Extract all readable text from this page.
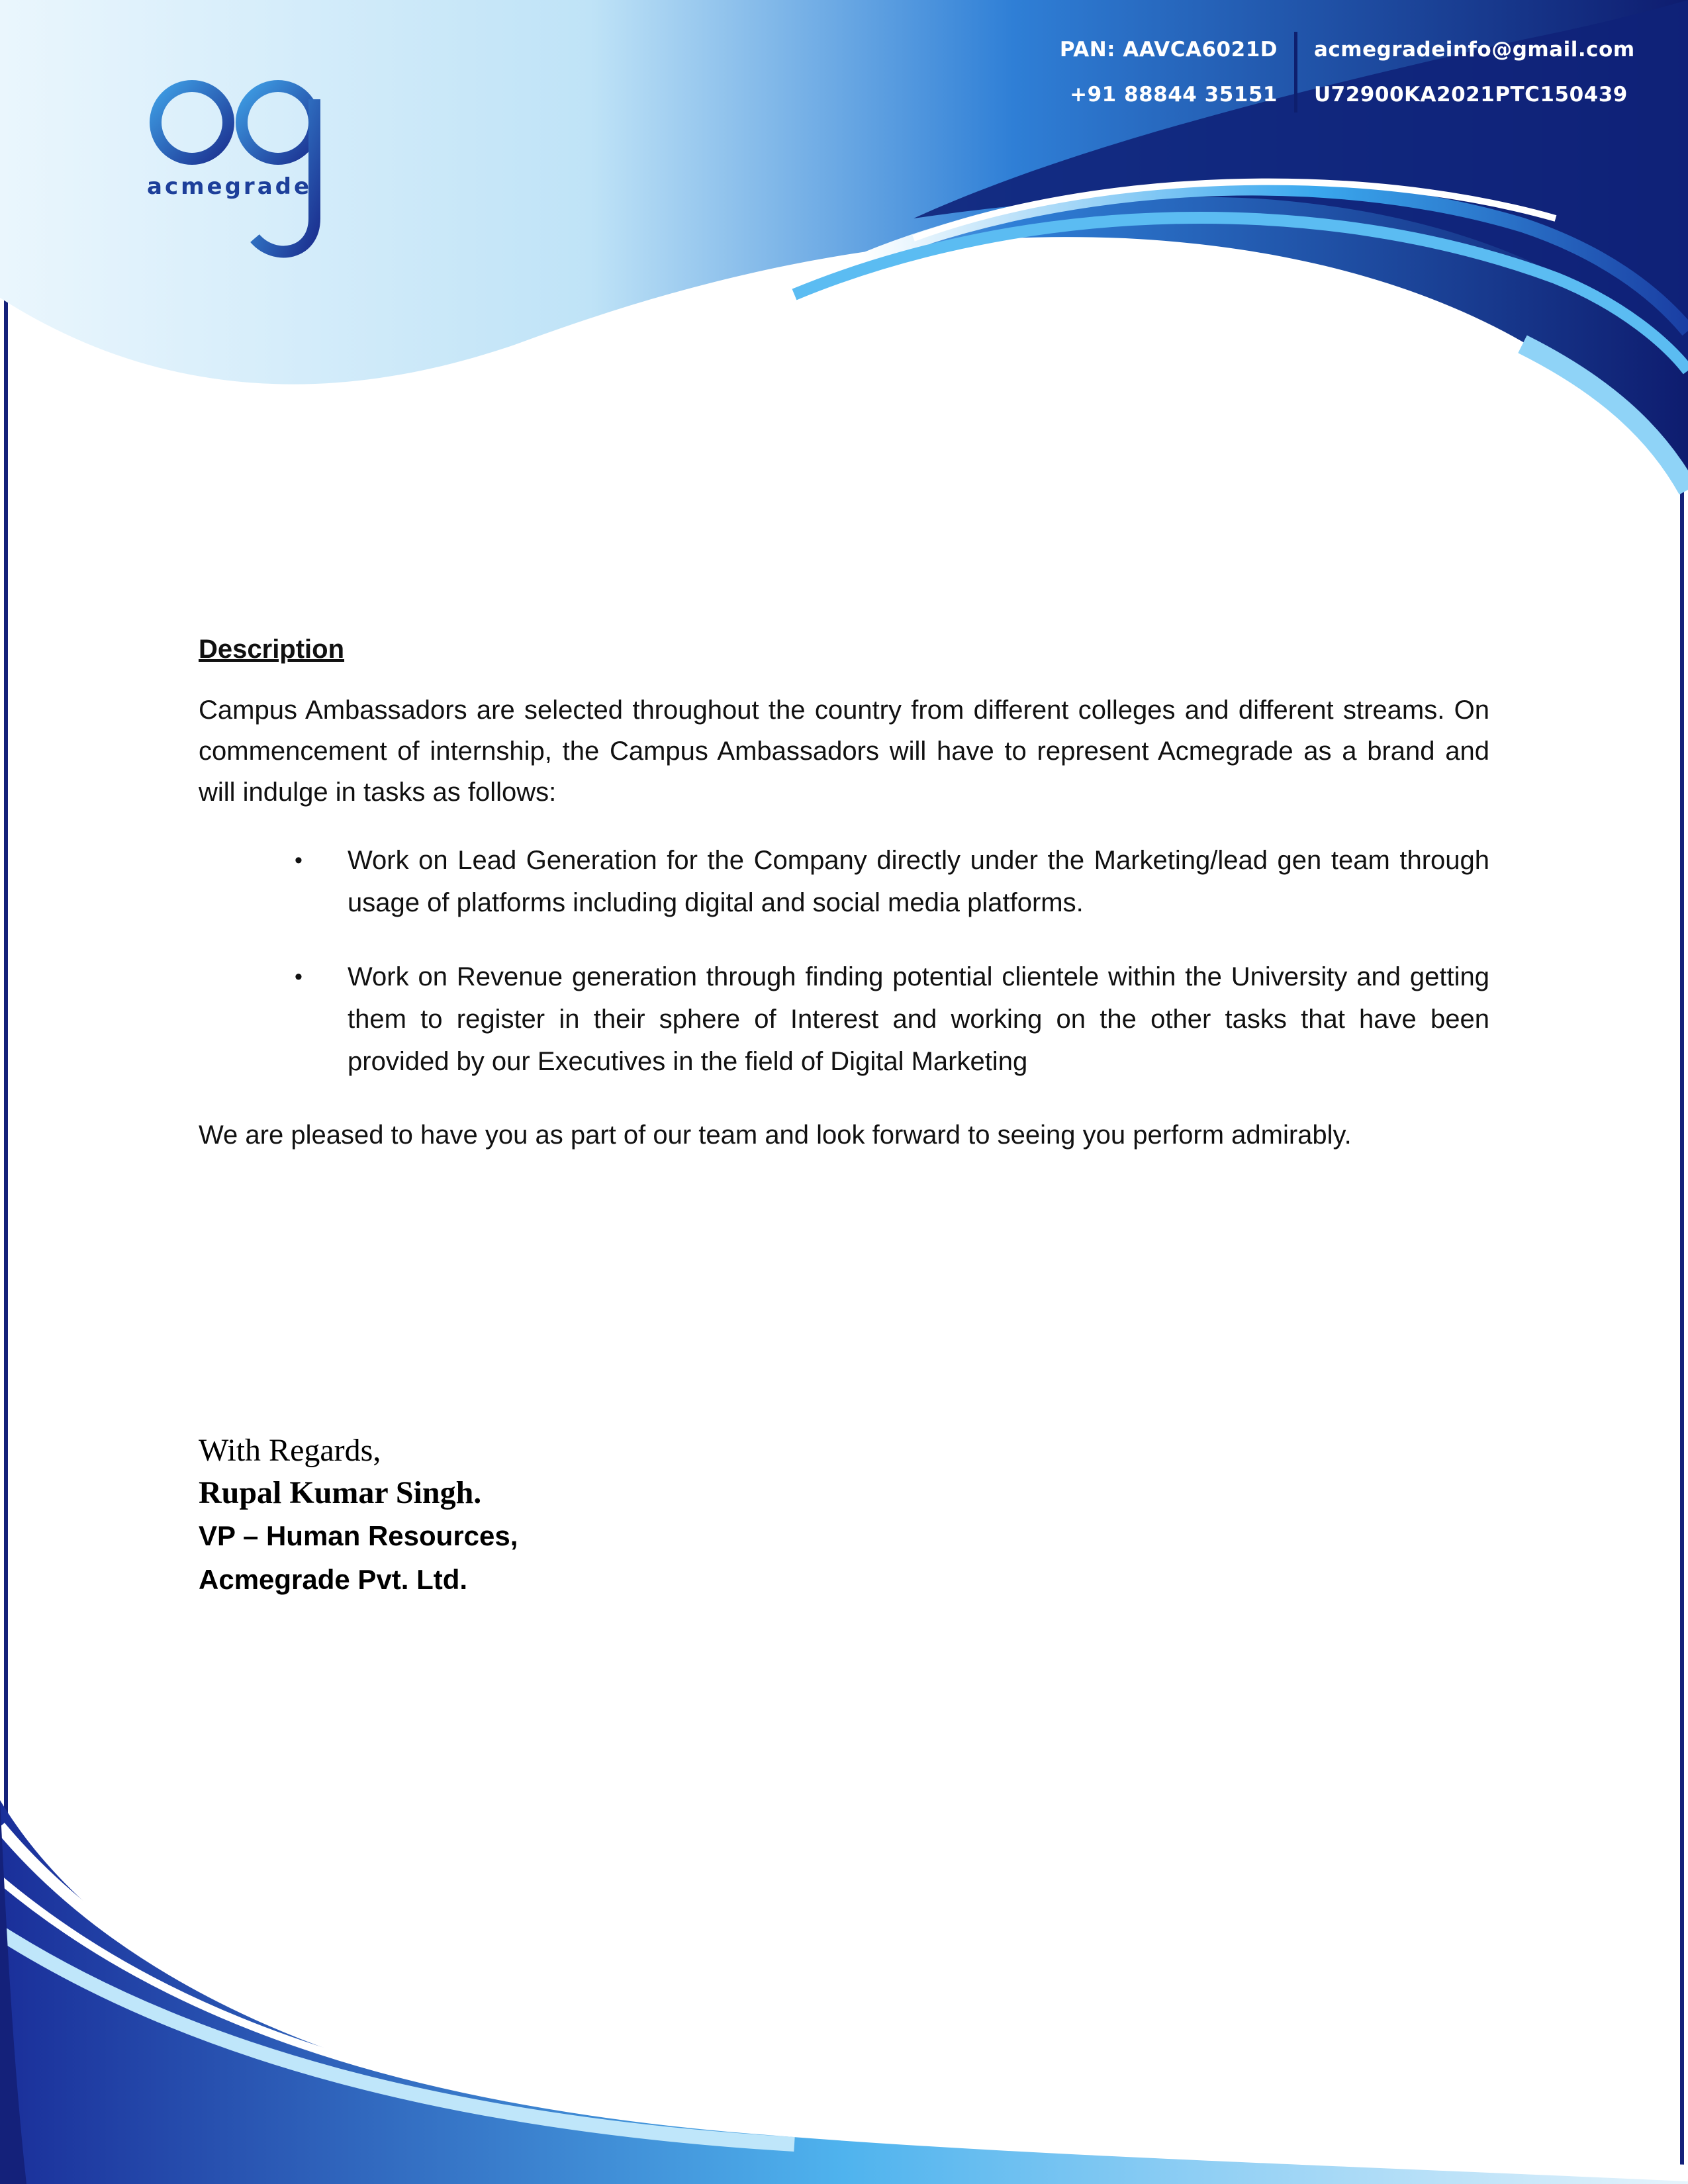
acmegrade
PAN: AAVCA6021D
+91 88844 35151
acmegradeinfo@gmail.com
U72900KA2021PTC150439

Description

Campus Ambassadors are selected throughout the country from different colleges and different streams. On commencement of internship, the Campus Ambassadors will have to represent Acmegrade as a brand and will indulge in tasks as follows:

• Work on Lead Generation for the Company directly under the Marketing/lead gen team through usage of platforms including digital and social media platforms.
• Work on Revenue generation through finding potential clientele within the University and getting them to register in their sphere of Interest and working on the other tasks that have been provided by our Executives in the field of Digital Marketing

We are pleased to have you as part of our team and look forward to seeing you perform admirably.

With Regards,
Rupal Kumar Singh.
VP – Human Resources,
Acmegrade Pvt. Ltd.
